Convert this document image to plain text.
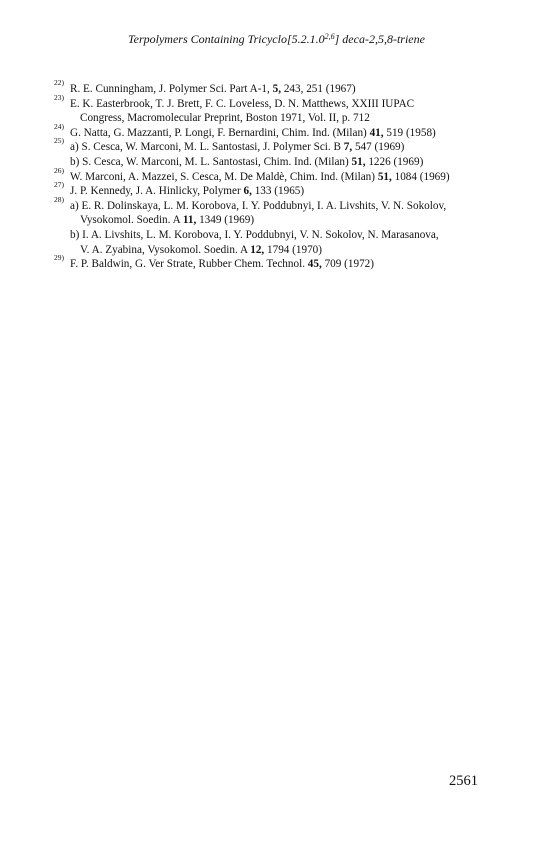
Terpolymers Containing Tricyclo[5.2.1.0$^{2,6}$] deca-2,5,8-triene
22)
R. E. Cunningham, J. Polymer Sci. Part A-1, 5, 243, 251 (1967)
23)
E. K. Easterbrook, T. J. Brett, F. C. Loveless, D. N. Matthews, XXIII IUPAC
Congress, Macromolecular Preprint, Boston 1971, Vol. II, p. 712
24)
G. Natta, G. Mazzanti, P. Longi, F. Bernardini, Chim. Ind. (Milan) 41, 519 (1958)
25)
a) S. Cesca, W. Marconi, M. L. Santostasi, J. Polymer Sci. B 7, 547 (1969)
b) S. Cesca, W. Marconi, M. L. Santostasi, Chim. Ind. (Milan) 51, 1226 (1969)
26)
W. Marconi, A. Mazzei, S. Cesca, M. De Maldè, Chim. Ind. (Milan) 51, 1084 (1969)
27)
J. P. Kennedy, J. A. Hinlicky, Polymer 6, 133 (1965)
28)
a) E. R. Dolinskaya, L. M. Korobova, I. Y. Poddubnyi, I. A. Livshits, V. N. Sokolov,
Vysokomol. Soedin. A 11, 1349 (1969)
b) I. A. Livshits, L. M. Korobova, I. Y. Poddubnyi, V. N. Sokolov, N. Marasanova,
V. A. Zyabina, Vysokomol. Soedin. A 12, 1794 (1970)
29)
F. P. Baldwin, G. Ver Strate, Rubber Chem. Technol. 45, 709 (1972)
2561
